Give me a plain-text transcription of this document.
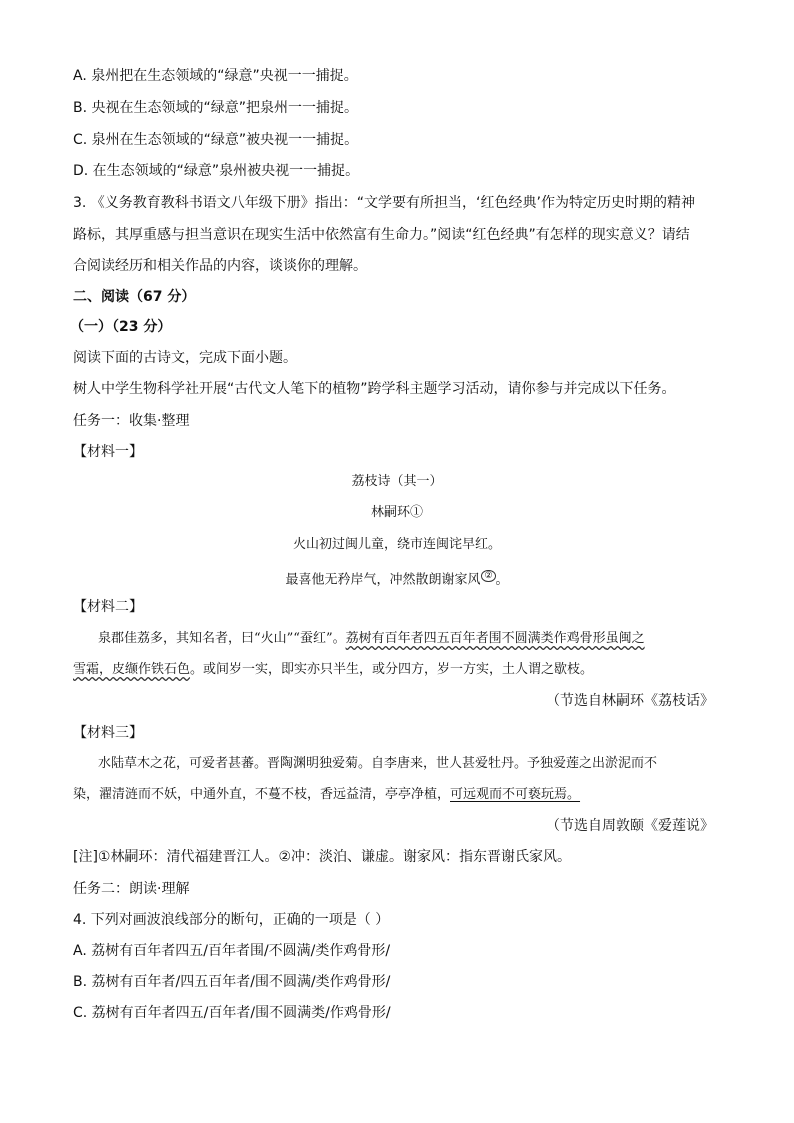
A. 泉州把在生态领域的“绿意”央视一一捕捉。
B. 央视在生态领域的“绿意”把泉州一一捕捉。
C. 泉州在生态领域的“绿意”被央视一一捕捉。
D. 在生态领域的“绿意”泉州被央视一一捕捉。
3. 《义务教育教科书语文八年级下册》指出：“文学要有所担当，‘红色经典’作为特定历史时期的精神
路标，其厚重感与担当意识在现实生活中依然富有生命力。”阅读“红色经典”有怎样的现实意义？请结
合阅读经历和相关作品的内容，谈谈你的理解。
二、阅读（67 分）
（一）（23 分）
阅读下面的古诗文，完成下面小题。
树人中学生物科学社开展“古代文人笔下的植物”跨学科主题学习活动，请你参与并完成以下任务。
任务一：收集·整理
【材料一】
荔枝诗（其一）
林嗣环①
火山初过闽儿童，绕市连闽诧早红。
最喜他无矜岸气，冲然散朗谢家风 ② 。
【材料二】
泉郡佳荔多，其知名者，曰“火山”“蚕红”。荔树有百年者四五百年者围不圆满类作鸡骨形虽闽之
雪霜，皮缬作铁石色。或间岁一实，即实亦只半生，或分四方，岁一方实，土人谓之歇枝。
（节选自林嗣环《荔枝话》
【材料三】
水陆草木之花，可爱者甚蕃。晋陶渊明独爱菊。自李唐来，世人甚爱牡丹。予独爱莲之出淤泥而不
染，濯清涟而不妖，中通外直，不蔓不枝，香远益清，亭亭净植，可远观而不可亵玩焉。
（节选自周敦颐《爱莲说》
[注]①林嗣环：清代福建晋江人。②冲：淡泊、谦虚。谢家风：指东晋谢氏家风。
任务二：朗读·理解
4. 下列对画波浪线部分的断句，正确的一项是（ ）
A. 荔树有百年者四五/百年者围/不圆满/类作鸡骨形/
B. 荔树有百年者/四五百年者/围不圆满/类作鸡骨形/
C. 荔树有百年者四五/百年者/围不圆满类/作鸡骨形/
